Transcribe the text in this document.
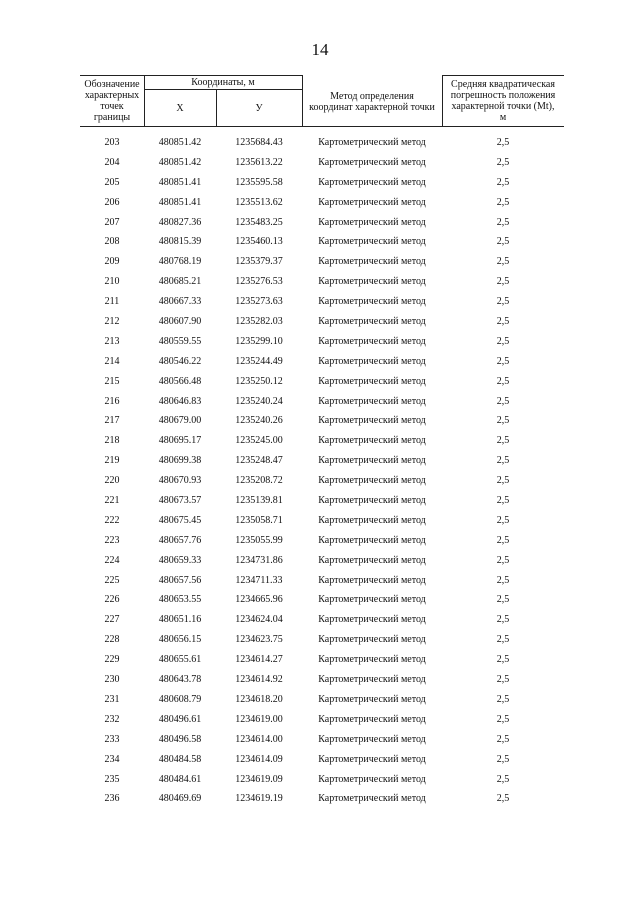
14
Обозначение
характерных
точек
границы
Координаты, м
X	У
Метод определения
координат характерной точки
Средняя квадратическая
погрешность положения
характерной точки (Mt),
м
203	480851.42	1235684.43	Картометрический метод	2,5
204	480851.42	1235613.22	Картометрический метод	2,5
205	480851.41	1235595.58	Картометрический метод	2,5
206	480851.41	1235513.62	Картометрический метод	2,5
207	480827.36	1235483.25	Картометрический метод	2,5
208	480815.39	1235460.13	Картометрический метод	2,5
209	480768.19	1235379.37	Картометрический метод	2,5
210	480685.21	1235276.53	Картометрический метод	2,5
211	480667.33	1235273.63	Картометрический метод	2,5
212	480607.90	1235282.03	Картометрический метод	2,5
213	480559.55	1235299.10	Картометрический метод	2,5
214	480546.22	1235244.49	Картометрический метод	2,5
215	480566.48	1235250.12	Картометрический метод	2,5
216	480646.83	1235240.24	Картометрический метод	2,5
217	480679.00	1235240.26	Картометрический метод	2,5
218	480695.17	1235245.00	Картометрический метод	2,5
219	480699.38	1235248.47	Картометрический метод	2,5
220	480670.93	1235208.72	Картометрический метод	2,5
221	480673.57	1235139.81	Картометрический метод	2,5
222	480675.45	1235058.71	Картометрический метод	2,5
223	480657.76	1235055.99	Картометрический метод	2,5
224	480659.33	1234731.86	Картометрический метод	2,5
225	480657.56	1234711.33	Картометрический метод	2,5
226	480653.55	1234665.96	Картометрический метод	2,5
227	480651.16	1234624.04	Картометрический метод	2,5
228	480656.15	1234623.75	Картометрический метод	2,5
229	480655.61	1234614.27	Картометрический метод	2,5
230	480643.78	1234614.92	Картометрический метод	2,5
231	480608.79	1234618.20	Картометрический метод	2,5
232	480496.61	1234619.00	Картометрический метод	2,5
233	480496.58	1234614.00	Картометрический метод	2,5
234	480484.58	1234614.09	Картометрический метод	2,5
235	480484.61	1234619.09	Картометрический метод	2,5
236	480469.69	1234619.19	Картометрический метод	2,5
